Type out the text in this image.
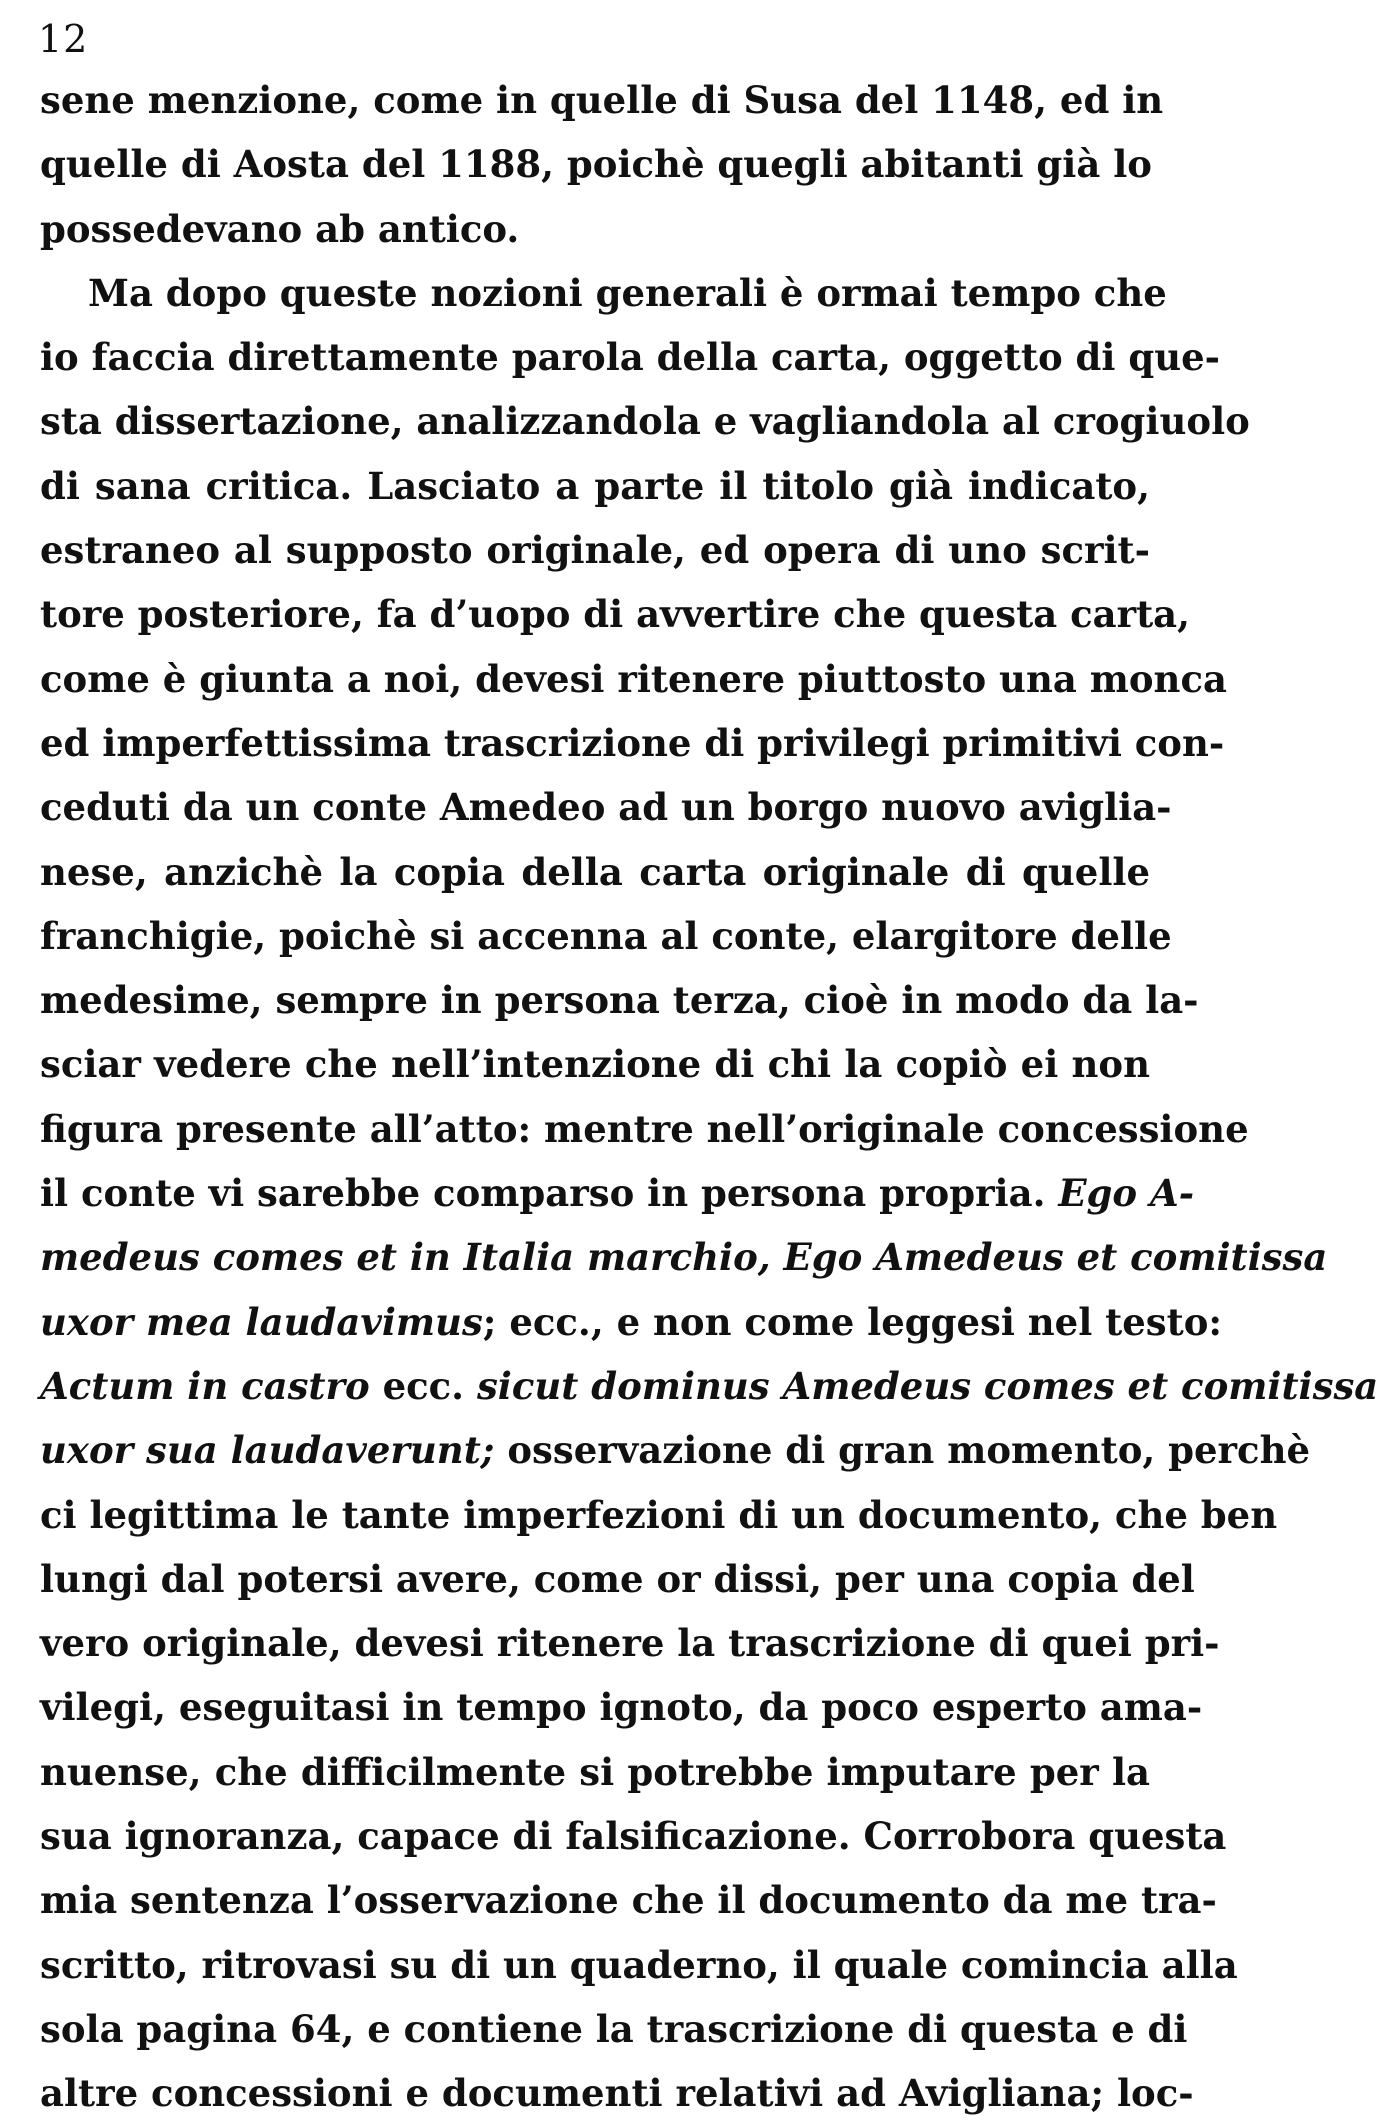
12
sene menzione, come in quelle di Susa del 1148, ed in
quelle di Aosta del 1188, poichè quegli abitanti già lo
possedevano ab antico.
Ma dopo queste nozioni generali è ormai tempo che
io faccia direttamente parola della carta, oggetto di que-
sta dissertazione, analizzandola e vagliandola al crogiuolo
di sana critica. Lasciato a parte il titolo già indicato,
estraneo al supposto originale, ed opera di uno scrit-
tore posteriore, fa d’uopo di avvertire che questa carta,
come è giunta a noi, devesi ritenere piuttosto una monca
ed imperfettissima trascrizione di privilegi primitivi con-
ceduti da un conte Amedeo ad un borgo nuovo aviglia-
nese, anzichè la copia della carta originale di quelle
franchigie, poichè si accenna al conte, elargitore delle
medesime, sempre in persona terza, cioè in modo da la-
sciar vedere che nell’intenzione di chi la copiò ei non
figura presente all’atto: mentre nell’originale concessione
il conte vi sarebbe comparso in persona propria. Ego A-
medeus comes et in Italia marchio, Ego Amedeus et comitissa
uxor mea laudavimus; ecc., e non come leggesi nel testo:
Actum in castro ecc. sicut dominus Amedeus comes et comitissa
uxor sua laudaverunt; osservazione di gran momento, perchè
ci legittima le tante imperfezioni di un documento, che ben
lungi dal potersi avere, come or dissi, per una copia del
vero originale, devesi ritenere la trascrizione di quei pri-
vilegi, eseguitasi in tempo ignoto, da poco esperto ama-
nuense, che difficilmente si potrebbe imputare per la
sua ignoranza, capace di falsificazione. Corrobora questa
mia sentenza l’osservazione che il documento da me tra-
scritto, ritrovasi su di un quaderno, il quale comincia alla
sola pagina 64, e contiene la trascrizione di questa e di
altre concessioni e documenti relativi ad Avigliana; loc-
